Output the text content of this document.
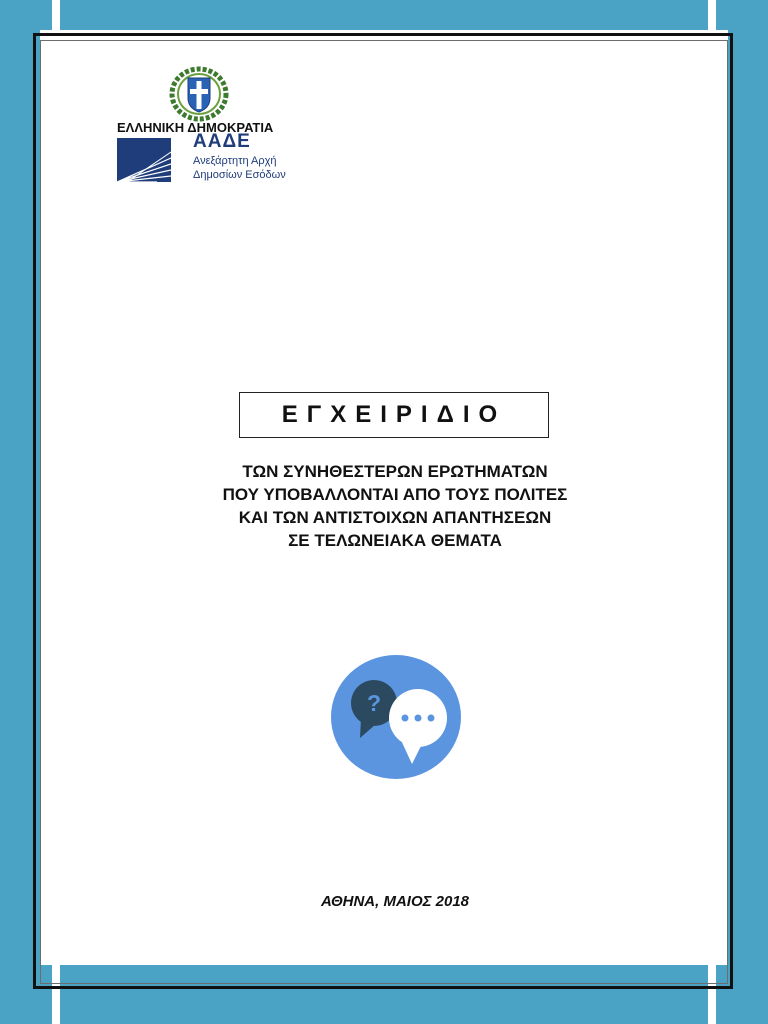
ΕΛΛΗΝΙΚΗ ΔΗΜΟΚΡΑΤΙΑ
ΑΑΔΕ
Ανεξάρτητη Αρχή
Δημοσίων Εσόδων
ΕΓΧΕΙΡΙΔΙΟ
ΤΩΝ ΣΥΝΗΘΕΣΤΕΡΩΝ ΕΡΩΤΗΜΑΤΩΝ
ΠΟΥ ΥΠΟΒΑΛΛΟΝΤΑΙ ΑΠΟ ΤΟΥΣ ΠΟΛΙΤΕΣ
ΚΑΙ ΤΩΝ ΑΝΤΙΣΤΟΙΧΩΝ ΑΠΑΝΤΗΣΕΩΝ
ΣΕ ΤΕΛΩΝΕΙΑΚΑ ΘΕΜΑΤΑ
?
ΑΘΗΝΑ, ΜΑΙΟΣ 2018
